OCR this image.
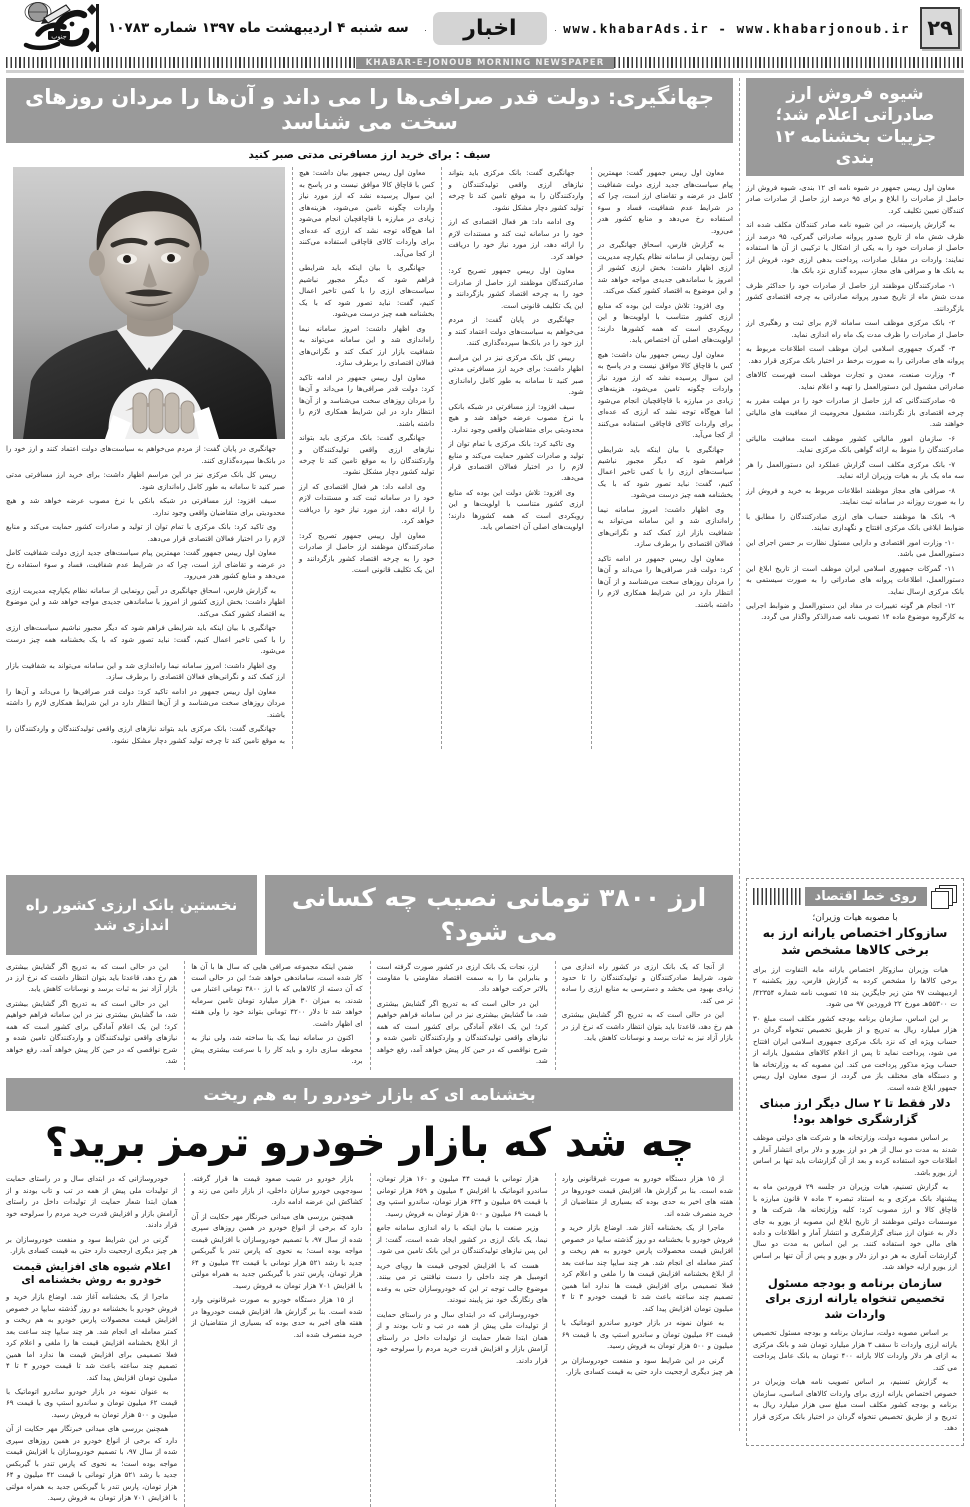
۲۹
www.khabarAds.ir - www.khabarjonoub.ir
اخبار
سه شنبه ۴ اردیبهشت ماه ۱۳۹۷ شماره ۱۰۷۸۳
جنوب
KHABAR-E-JONOUB MORNING NEWSPAPER
شیوه فروش ارز صادراتی اعلام شد؛ جزییات بخشنامه ۱۲ بندی

معاون اول رییس جمهور در شیوه نامه ای ۱۲ بندی، شیوه فروش ارز حاصل از صادرات را ابلاغ و برای ۹۵ درصد ارز حاصل از صادرات صادر کنندگان تعیین تکلیف کرد.

به گزارش پارسینه، در این شیوه نامه صادر کنندگان مکلف شده اند ظرف شش ماه از تاریخ صدور پروانه صادراتی گمرکی، ۹۵ درصد ارز حاصل از صادرات خود را به یکی از اشکال یا ترکیبی از آن ها استفاده نمایند: واردات در مقابل صادرات، پرداخت بدهی ارزی خود، فروش ارز به بانک ها و صرافی های مجاز، سپرده گذاری نزد بانک ها.

۱- صادرکنندگان موظفند ارز حاصل از صادرات خود را حداکثر ظرف مدت شش ماه از تاریخ صدور پروانه صادراتی به چرخه اقتصادی کشور بازگردانند.

۲- بانک مرکزی موظف است سامانه لازم برای ثبت و رهگیری ارز حاصل از صادرات را ظرف مدت یک ماه راه اندازی نماید.

۳- گمرک جمهوری اسلامی ایران موظف است اطلاعات مربوط به پروانه های صادراتی را به صورت برخط در اختیار بانک مرکزی قرار دهد.

۴- وزارت صنعت، معدن و تجارت موظف است فهرست کالاهای صادراتی مشمول این دستورالعمل را تهیه و اعلام نماید.

۵- صادرکنندگانی که ارز حاصل از صادرات خود را در مهلت مقرر به چرخه اقتصادی باز نگردانند، مشمول محرومیت از معافیت های مالیاتی خواهند شد.

۶- سازمان امور مالیاتی کشور موظف است معافیت مالیاتی صادرکنندگان را منوط به ارائه گواهی بانک مرکزی نماید.

۷- بانک مرکزی مکلف است گزارش عملکرد این دستورالعمل را هر سه ماه یک بار به هیات وزیران ارائه نماید.

۸- صرافی های مجاز موظفند اطلاعات مربوط به خرید و فروش ارز را به صورت روزانه در سامانه ثبت نمایند.

۹- بانک ها موظفند حساب های ارزی صادرکنندگان را مطابق با ضوابط ابلاغی بانک مرکزی افتتاح و نگهداری نمایند.

۱۰- وزارت امور اقتصادی و دارایی مسئول نظارت بر حسن اجرای این دستورالعمل می باشد.

۱۱- گمرکات جمهوری اسلامی ایران موظف است از تاریخ ابلاغ این دستورالعمل، اطلاعات پروانه های صادراتی را به صورت سیستمی به بانک مرکزی ارسال نماید.

۱۲- انجام هر گونه تغییرات در مفاد این دستورالعمل و ضوابط اجرایی به کارگروه موضوع ماده ۱۴ تصویب نامه صدرالذکر واگذار می گردد.

جهانگیری: دولت قدر صرافی‌ها را می داند و آن‌ها را مردان روزهای سخت می شناسد
سیف : برای خرید ارز مسافرتی مدتی صبر کنید

معاون اول رییس جمهور گفت: مهمترین پیام سیاست‌های جدید ارزی دولت شفافیت کامل در عرضه و تقاضای ارز است، چرا که در شرایط عدم شفافیت، فساد و سوء استفاده رخ می‌دهد و منابع کشور هدر می‌رود.

به گزارش فارس، اسحاق جهانگیری در آیین رونمایی از سامانه نظام یکپارچه مدیریت ارزی اظهار داشت: بخش ارزی کشور از امروز با ساماندهی جدیدی مواجه خواهد شد و این موضوع به اقتصاد کشور کمک می‌کند.

وی افزود: تلاش دولت این بوده که منابع ارزی کشور متناسب با اولویت‌ها و این رویکردی است که همه کشورها دارند؛ اولویت‌های اصلی آن اختصاص یابد.

معاون اول رییس جمهور بیان داشت: هیچ کس با قاچاق کالا موافق نیست و در پاسخ به این سوال پرسیده نشد که ارز مورد نیاز واردات چگونه تامین می‌شود، هزینه‌های زیادی در مبارزه با قاچاقچیان انجام می‌شود اما هیچ‌گاه توجه نشد که ارزی که عده‌ای برای واردات کالای قاچاقی استفاده می‌کنند از کجا می‌آید.

جهانگیری با بیان اینکه باید شرایطی فراهم شود که دیگر مجبور نباشیم سیاست‌های ارزی را با کمی تاخیر اعمال کنیم، گفت: نباید تصور شود که با یک بخشنامه همه چیز درست می‌شود.

وی اظهار داشت: امروز سامانه نیما راه‌اندازی شد و این سامانه می‌تواند به شفافیت بازار ارز کمک کند و نگرانی‌های فعالان اقتصادی را برطرف سازد.

معاون اول رییس جمهور در ادامه تاکید کرد: دولت قدر صرافی‌ها را می‌داند و آن‌ها را مردان روزهای سخت می‌شناسد و از آن‌ها انتظار دارد در این شرایط همکاری لازم را داشته باشند.

جهانگیری گفت: بانک مرکزی باید بتواند نیازهای ارزی واقعی تولیدکنندگان و واردکنندگان را به موقع تامین کند تا چرخه تولید کشور دچار مشکل نشود.

وی ادامه داد: هر فعال اقتصادی که ارز خود را در سامانه ثبت کند و مستندات لازم را ارائه دهد، ارز مورد نیاز خود را دریافت خواهد کرد.

معاون اول رییس جمهور تصریح کرد: صادرکنندگان موظفند ارز حاصل از صادرات خود را به چرخه اقتصاد کشور بازگردانند و این یک تکلیف قانونی است.

جهانگیری در پایان گفت: از مردم می‌خواهم به سیاست‌های دولت اعتماد کنند و ارز خود را در بانک‌ها سپرده‌گذاری کنند.

رییس کل بانک مرکزی نیز در این مراسم اظهار داشت: برای خرید ارز مسافرتی مدتی صبر کنید تا سامانه به طور کامل راه‌اندازی شود.

سیف افزود: ارز مسافرتی در شبکه بانکی با نرخ مصوب عرضه خواهد شد و هیچ محدودیتی برای متقاضیان واقعی وجود ندارد.

وی تاکید کرد: بانک مرکزی با تمام توان از تولید و صادرات کشور حمایت می‌کند و منابع لازم را در اختیار فعالان اقتصادی قرار می‌دهد.

وی افزود: تلاش دولت این بوده که منابع ارزی کشور متناسب با اولویت‌ها و این رویکردی است که همه کشورها دارند؛ اولویت‌های اصلی آن اختصاص یابد.

معاون اول رییس جمهور بیان داشت: هیچ کس با قاچاق کالا موافق نیست و در پاسخ به این سوال پرسیده نشد که ارز مورد نیاز واردات چگونه تامین می‌شود، هزینه‌های زیادی در مبارزه با قاچاقچیان انجام می‌شود اما هیچ‌گاه توجه نشد که ارزی که عده‌ای برای واردات کالای قاچاقی استفاده می‌کنند از کجا می‌آید.

جهانگیری با بیان اینکه باید شرایطی فراهم شود که دیگر مجبور نباشیم سیاست‌های ارزی را با کمی تاخیر اعمال کنیم، گفت: نباید تصور شود که با یک بخشنامه همه چیز درست می‌شود.

وی اظهار داشت: امروز سامانه نیما راه‌اندازی شد و این سامانه می‌تواند به شفافیت بازار ارز کمک کند و نگرانی‌های فعالان اقتصادی را برطرف سازد.

معاون اول رییس جمهور در ادامه تاکید کرد: دولت قدر صرافی‌ها را می‌داند و آن‌ها را مردان روزهای سخت می‌شناسد و از آن‌ها انتظار دارد در این شرایط همکاری لازم را داشته باشند.

جهانگیری گفت: بانک مرکزی باید بتواند نیازهای ارزی واقعی تولیدکنندگان و واردکنندگان را به موقع تامین کند تا چرخه تولید کشور دچار مشکل نشود.

وی ادامه داد: هر فعال اقتصادی که ارز خود را در سامانه ثبت کند و مستندات لازم را ارائه دهد، ارز مورد نیاز خود را دریافت خواهد کرد.

معاون اول رییس جمهور تصریح کرد: صادرکنندگان موظفند ارز حاصل از صادرات خود را به چرخه اقتصاد کشور بازگردانند و این یک تکلیف قانونی است.

جهانگیری در پایان گفت: از مردم می‌خواهم به سیاست‌های دولت اعتماد کنند و ارز خود را در بانک‌ها سپرده‌گذاری کنند.

رییس کل بانک مرکزی نیز در این مراسم اظهار داشت: برای خرید ارز مسافرتی مدتی صبر کنید تا سامانه به طور کامل راه‌اندازی شود.

سیف افزود: ارز مسافرتی در شبکه بانکی با نرخ مصوب عرضه خواهد شد و هیچ محدودیتی برای متقاضیان واقعی وجود ندارد.

وی تاکید کرد: بانک مرکزی با تمام توان از تولید و صادرات کشور حمایت می‌کند و منابع لازم را در اختیار فعالان اقتصادی قرار می‌دهد.

معاون اول رییس جمهور گفت: مهمترین پیام سیاست‌های جدید ارزی دولت شفافیت کامل در عرضه و تقاضای ارز است، چرا که در شرایط عدم شفافیت، فساد و سوء استفاده رخ می‌دهد و منابع کشور هدر می‌رود.

به گزارش فارس، اسحاق جهانگیری در آیین رونمایی از سامانه نظام یکپارچه مدیریت ارزی اظهار داشت: بخش ارزی کشور از امروز با ساماندهی جدیدی مواجه خواهد شد و این موضوع به اقتصاد کشور کمک می‌کند.

جهانگیری با بیان اینکه باید شرایطی فراهم شود که دیگر مجبور نباشیم سیاست‌های ارزی را با کمی تاخیر اعمال کنیم، گفت: نباید تصور شود که با یک بخشنامه همه چیز درست می‌شود.

وی اظهار داشت: امروز سامانه نیما راه‌اندازی شد و این سامانه می‌تواند به شفافیت بازار ارز کمک کند و نگرانی‌های فعالان اقتصادی را برطرف سازد.

معاون اول رییس جمهور در ادامه تاکید کرد: دولت قدر صرافی‌ها را می‌داند و آن‌ها را مردان روزهای سخت می‌شناسد و از آن‌ها انتظار دارد در این شرایط همکاری لازم را داشته باشند.

جهانگیری گفت: بانک مرکزی باید بتواند نیازهای ارزی واقعی تولیدکنندگان و واردکنندگان را به موقع تامین کند تا چرخه تولید کشور دچار مشکل نشود.

روی خط اقتصاد
با مصوبه هیات وزیران؛
سازوکار اختصاص یارانه ارز به برخی کالاها مشخص شد

هیات وزیران سازوکار اختصاص یارانه مابه التفاوت ارز برای برخی کالاها را مشخص کرده به گزارش فارس، روز یکشنبه ۲ اردیبهشت ۹۷ متن زیر جایگزین بند ۱۵ تصویب نامه شماره ۴۲۳۵۴/ت ۵۵۳۰۰هـ مورخ ۲۲ فروردین ۹۷ می شود.

بر این اساس، سازمان برنامه بودجه کشور مکلف است مبلغ ۳۰ هزار میلیارد ریال به تدریج و از طریق تخصیص تنخواه گردان در حساب ویژه ای که نزد بانک مرکزی جمهوری اسلامی ایران افتتاح می شود، پرداخت نماید تا پس از اعلام کالاهای مشمول یارانه از حساب ویژه مذکور پرداخت می کند. این مصوبه که به وزارتخانه ها و دستگاه های مختلف باز می گردد، از سوی معاون اول رییس جمهور ابلاغ شده است.

دلار فقط تا ۲ سال دیگر ارز مبنای گزارشگری خواهد بود!

بر اساس مصوبه دولت، وزارتخانه ها و شرکت های دولتی موظف شدند به مدت دو سال از هر دو ارز یورو و دلار برای انتشار آمار و اطلاعات خود استفاده کرده و بعد از آن گزارشات باید تنها بر اساس ارز یورو باشد.

به گزارش تسنیم، هیات وزیران در جلسه ۲۹ فروردین ماه به پیشنهاد بانک مرکزی و به استناد تبصره ۳ ماده ۷ قانون مبارزه با قاچاق کالا و ارز مصوب کرد: کلیه وزارتخانه ها، شرکت ها و موسسات دولتی موظفند از تاریخ ابلاغ این مصوبه از یورو به جای دلار به عنوان ارز مبنای گزارشگری و انتشار آمار و اطلاعات و داده های مالی خود استفاده کنند. بر این اساس به مدت دو سال گزارشات آماری به هر دو ارز دلار و یورو و پس از آن تنها بر اساس ارز یورو ارایه خواهد شد.

سازمان برنامه و بودجه مسئول تخصیص تنخواه یارانه ارزی برای واردات شد

بر اساس مصوبه دولت، سازمان برنامه و بودجه مسئول تخصیص یارانه ارزی واردات تا سقف ۳ هزار میلیارد تومان شد و بانک مرکزی به ازای هر دلار واردات کالا یارانه ۴۰۰ تومان به بانک عامل پرداخت می کند.

به گزارش تسنیم، بر اساس تصویب نامه هیات وزیران در خصوص اختصاص یارانه ارزی برای واردات کالاهای اساسی، سازمان برنامه و بودجه کشور مکلف است مبلغ سی هزار میلیارد ریال به تدریج و از طریق تخصیص تنخواه گردان در اختیار بانک مرکزی قرار دهد.

ارز ۳۸۰۰ تومانی نصیب چه کسانی می شود؟
نخستین بانک ارزی کشور راه اندازی شد

از آنجا که یک بانک ارزی در کشور راه اندازی می شود، شرایط صادرکنندگان و تولیدکنندگان را تا حدود زیادی بهبود می بخشد و دسترسی به منابع ارزی را ساده تر می کند.

این در حالی است که به تدریج اگر گشایش بیشتری هم رخ دهد، قاعدتا باید بتوان انتظار داشت که نرخ ارز در بازار آزاد نیز به ثبات برسد و نوسانات کاهش یابد.

ارز، نجات یک بانک ارزی در کشور صورت گرفته است و بنابراین ما را به سمت اقتصاد مقاومتی با مقاومت بالاتر حرکت خواهد داد.

این در حالی است که به تدریج اگر گشایش بیشتری شد، ما گشایش بیشتری نیز در این سامانه فراهم خواهیم کرد؛ این یک اعلام آمادگی برای کشور است که همه نیازهای واقعی تولیدکنندگان و واردکنندگان تامین شده و شرح نواقصی که در حین کار پیش خواهد آمد، رفع خواهد شد.

ضمن اینکه مجموعه صرافی هایی که سال ها با آن ها کار شده است، ساماندهی خواهد شد؛ این در حالی است که آن دسته از کالاهایی که با ارز ۳۸۰۰ تومانی اعتبار می شدند، به میزان ۳۰ هزار میلیارد تومان تامین سرمایه خواهد شد تا دلار ۴۲۰۰ تومانی بتواند خود را ولی هفته ای اظهار داشت.

اکنون در سامانه نیما یک بنا ساخته شد، ولی نیاز به محوطه سازی دارد و باید کار را با سرعت بیشتری پیش برد.

این در حالی است که به تدریج اگر گشایش بیشتری هم رخ دهد، قاعدتا باید بتوان انتظار داشت که نرخ ارز در بازار آزاد نیز به ثبات برسد و نوسانات کاهش یابد.

این در حالی است که به تدریج اگر گشایش بیشتری شد، ما گشایش بیشتری نیز در این سامانه فراهم خواهیم کرد؛ این یک اعلام آمادگی برای کشور است که همه نیازهای واقعی تولیدکنندگان و واردکنندگان تامین شده و شرح نواقصی که در حین کار پیش خواهد آمد، رفع خواهد شد.

بخشنامه ای که بازار خودرو را به هم ریخت
چه شد که بازار خودرو ترمز برید؟

از ۱۵ هزار دستگاه خودرو به صورت غیرقانونی وارد شده است. بنا بر گزارش ها، افزایش قیمت خودروها در هفته های اخیر به حدی بوده که بسیاری از متقاضیان از خرید منصرف شده اند.

ماجرا از یک بخشنامه آغاز شد. اوضاع بازار خرید و فروش خودرو با بخشنامه دو روز گذشته سایپا در خصوص افزایش قیمت محصولات پارس خودرو به هم ریخت و کمتر معامله ای انجام شد. هر چند سایپا چند ساعت بعد از ابلاغ بخشنامه افزایش قیمت ها را ملغی و اعلام کرد فعلا تصمیمی برای افزایش قیمت ها ندارد اما همین تصمیم چند ساعته باعث شد تا قیمت خودرو ۳ تا ۴ میلیون تومان افزایش پیدا کند.

به عنوان نمونه در بازار خودرو ساندرو اتوماتیک با قیمت ۶۲ میلیون تومان و ساندرو استپ وی با قیمت ۶۹ میلیون و ۵۰۰ هزار تومان به فروش رسید.

گرنی در این شرایط سود و منفعت خودروسازان بر هر چیز دیگری ارجحیت دارد حتی به قیمت کسادی بازار.

هزار تومانی با قیمت ۴۴ میلیون و ۱۶۰ هزار تومان، ساندرو اتوماتیک با افزایش ۴ میلیون و ۶۵۹ هزار تومانی با قیمت ۵۹ میلیون و ۶۴۴ هزار تومان، ساندرو استپ وی با قیمت ۶۹ میلیون و ۵۰۰ هزار تومان به فروش رسید.

وزیر صنعت با بیان اینکه با راه اندازی سامانه جامع نیما، یک بانک ارزی در کشور ایجاد شده است، گفت: از این پس نیازهای تولیدکنندگان در این بانک تامین می شود.

هست که با افزایش لجوجی قیمت ها رویای خرید اتومبیل هر چند داخلی را دست نیافتنی تر می بینند. موضوع جالب توجه تر این که خودروسازان حتی به وعده های رنگارنگ خود نیز پایبند نبودند.

خودروسازانی که در ابتدای سال و در راستای حمایت از تولیدات ملی پیش از همه در تب و تاب بودند و از همان ابتدا شعار حمایت از تولیدات داخل در راستای آرامش بازار و افزایش قدرت خرید مردم را سرلوحه خود قرار دادند.

بازار خودرو در شیب صعود قیمت ها قرار گرفته. سودجویی خودرو سازان داخلی، از بازار دامن می زند و کشاکش این عرضه ادامه دارد.

همچنین بررسی های میدانی خبرنگار مهر حکایت از آن دارد که برخی از انواع خودرو در همین روزهای سپری شده از سال ۹۷، با تصمیم خودروسازان با افزایش قیمت مواجه بوده است؛ به نحوی که پارس تندر با گیربکس جدید با رشد ۵۲۱ هزار تومانی با قیمت ۴۲ میلیون و ۶۴ هزار تومان، پارس تندر با گیربکس جدید به همراه مولتی با افزایش ۷۰۱ هزار تومان به فروش رسید.

از ۱۵ هزار دستگاه خودرو به صورت غیرقانونی وارد شده است. بنا بر گزارش ها، افزایش قیمت خودروها در هفته های اخیر به حدی بوده که بسیاری از متقاضیان از خرید منصرف شده اند.

خودروسازانی که در ابتدای سال و در راستای حمایت از تولیدات ملی پیش از همه در تب و تاب بودند و از همان ابتدا شعار حمایت از تولیدات داخل در راستای آرامش بازار و افزایش قدرت خرید مردم را سرلوحه خود قرار دادند.

گرنی در این شرایط سود و منفعت خودروسازان بر هر چیز دیگری ارجحیت دارد حتی به قیمت کسادی بازار.

اعلام شیوه های افزایش قیمت خودرو به روش بخشنامه ای

ماجرا از یک بخشنامه آغاز شد. اوضاع بازار خرید و فروش خودرو با بخشنامه دو روز گذشته سایپا در خصوص افزایش قیمت محصولات پارس خودرو به هم ریخت و کمتر معامله ای انجام شد. هر چند سایپا چند ساعت بعد از ابلاغ بخشنامه افزایش قیمت ها را ملغی و اعلام کرد فعلا تصمیمی برای افزایش قیمت ها ندارد اما همین تصمیم چند ساعته باعث شد تا قیمت خودرو ۳ تا ۴ میلیون تومان افزایش پیدا کند.

به عنوان نمونه در بازار خودرو ساندرو اتوماتیک با قیمت ۶۲ میلیون تومان و ساندرو استپ وی با قیمت ۶۹ میلیون و ۵۰۰ هزار تومان به فروش رسید.

همچنین بررسی های میدانی خبرنگار مهر حکایت از آن دارد که برخی از انواع خودرو در همین روزهای سپری شده از سال ۹۷، با تصمیم خودروسازان با افزایش قیمت مواجه بوده است؛ به نحوی که پارس تندر با گیربکس جدید با رشد ۵۲۱ هزار تومانی با قیمت ۴۲ میلیون و ۶۴ هزار تومان، پارس تندر با گیربکس جدید به همراه مولتی با افزایش ۷۰۱ هزار تومان به فروش رسید.
